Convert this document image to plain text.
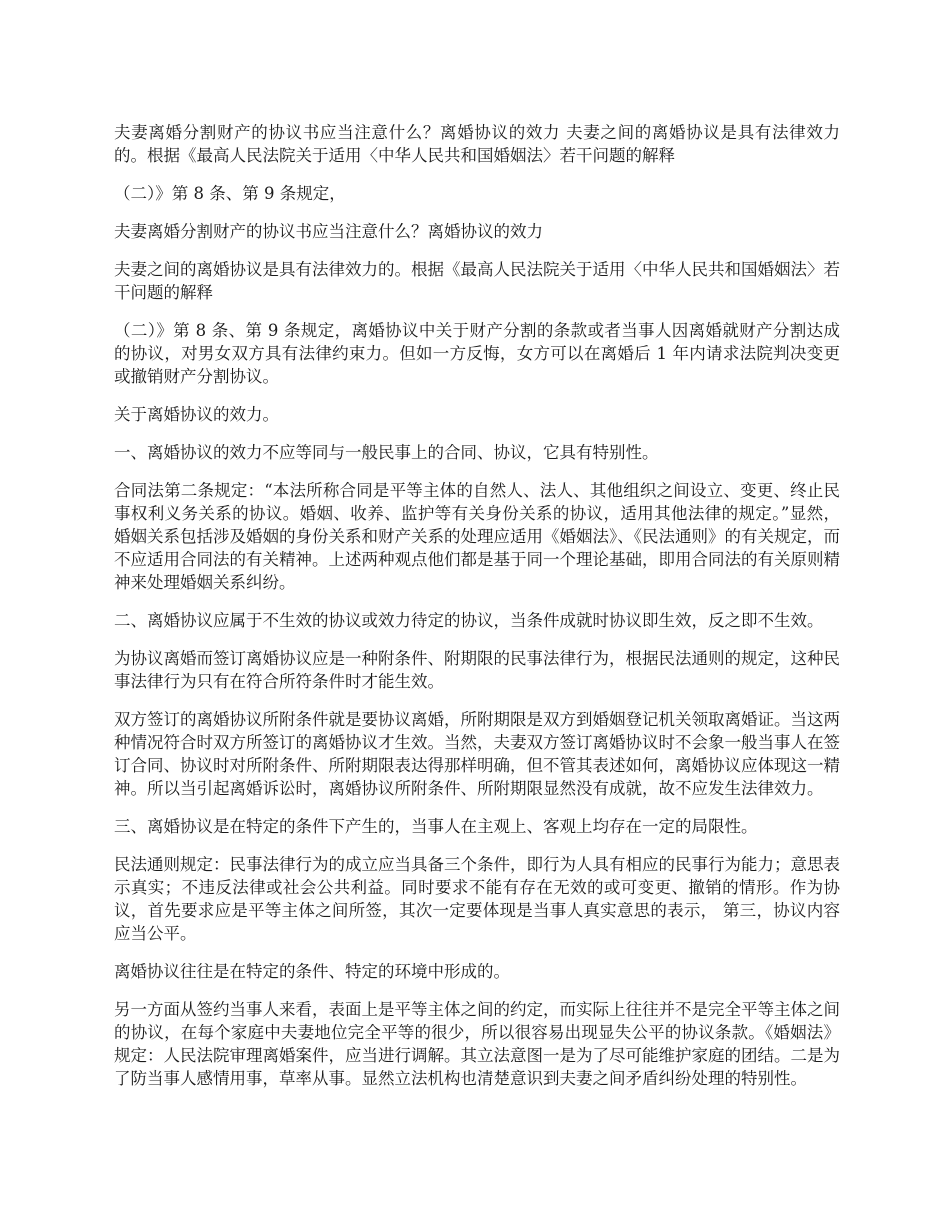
夫妻离婚分割财产的协议书应当注意什么？离婚协议的效力 夫妻之间的离婚协议是具有法律效力的。根据《最高人民法院关于适用〈中华人民共和国婚姻法〉若干问题的解释

（二）》第 8 条、第 9 条规定，

夫妻离婚分割财产的协议书应当注意什么？离婚协议的效力

夫妻之间的离婚协议是具有法律效力的。根据《最高人民法院关于适用〈中华人民共和国婚姻法〉若干问题的解释

（二）》第 8 条、第 9 条规定，离婚协议中关于财产分割的条款或者当事人因离婚就财产分割达成的协议，对男女双方具有法律约束力。但如一方反悔，女方可以在离婚后 1 年内请求法院判决变更或撤销财产分割协议。

关于离婚协议的效力。

一、离婚协议的效力不应等同与一般民事上的合同、协议，它具有特别性。

合同法第二条规定：“本法所称合同是平等主体的自然人、法人、其他组织之间设立、变更、终止民事权利义务关系的协议。婚姻、收养、监护等有关身份关系的协议，适用其他法律的规定。”显然，婚姻关系包括涉及婚姻的身份关系和财产关系的处理应适用《婚姻法》、《民法通则》的有关规定，而不应适用合同法的有关精神。上述两种观点他们都是基于同一个理论基础，即用合同法的有关原则精神来处理婚姻关系纠纷。

二、离婚协议应属于不生效的协议或效力待定的协议，当条件成就时协议即生效，反之即不生效。

为协议离婚而签订离婚协议应是一种附条件、附期限的民事法律行为，根据民法通则的规定，这种民事法律行为只有在符合所符条件时才能生效。

双方签订的离婚协议所附条件就是要协议离婚，所附期限是双方到婚姻登记机关领取离婚证。当这两种情况符合时双方所签订的离婚协议才生效。当然，夫妻双方签订离婚协议时不会象一般当事人在签订合同、协议时对所附条件、所附期限表达得那样明确，但不管其表述如何，离婚协议应体现这一精神。所以当引起离婚诉讼时，离婚协议所附条件、所附期限显然没有成就，故不应发生法律效力。

三、离婚协议是在特定的条件下产生的，当事人在主观上、客观上均存在一定的局限性。

民法通则规定：民事法律行为的成立应当具备三个条件，即行为人具有相应的民事行为能力；意思表示真实；不违反法律或社会公共利益。同时要求不能有存在无效的或可变更、撤销的情形。作为协议，首先要求应是平等主体之间所签，其次一定要体现是当事人真实意思的表示， 第三，协议内容应当公平。

离婚协议往往是在特定的条件、特定的环境中形成的。

另一方面从签约当事人来看，表面上是平等主体之间的约定，而实际上往往并不是完全平等主体之间的协议，在每个家庭中夫妻地位完全平等的很少，所以很容易出现显失公平的协议条款。《婚姻法》规定：人民法院审理离婚案件，应当进行调解。其立法意图一是为了尽可能维护家庭的团结。二是为了防当事人感情用事，草率从事。显然立法机构也清楚意识到夫妻之间矛盾纠纷处理的特别性。
